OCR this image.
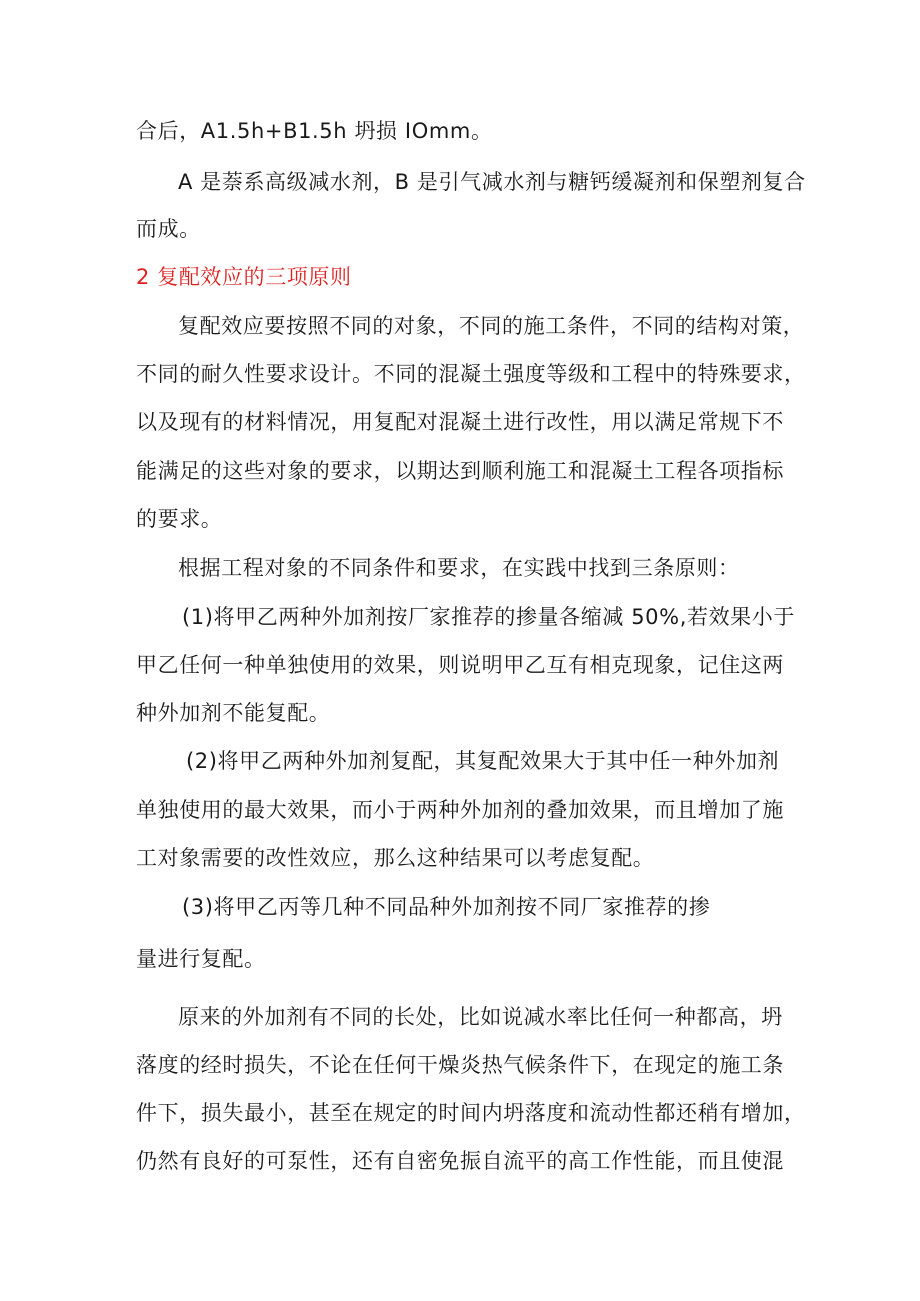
合后，A1.5h+B1.5h 坍损 IOmm。
A 是萘系高级减水剂，B 是引气减水剂与糖钙缓凝剂和保塑剂复合
而成。
2 复配效应的三项原则
复配效应要按照不同的对象，不同的施工条件，不同的结构对策，
不同的耐久性要求设计。不同的混凝土强度等级和工程中的特殊要求，
以及现有的材料情况，用复配对混凝土进行改性，用以满足常规下不
能满足的这些对象的要求，以期达到顺利施工和混凝土工程各项指标
的要求。
根据工程对象的不同条件和要求，在实践中找到三条原则：
(1)将甲乙两种外加剂按厂家推荐的掺量各缩减 50%,若效果小于
甲乙任何一种单独使用的效果，则说明甲乙互有相克现象，记住这两
种外加剂不能复配。
(2)将甲乙两种外加剂复配，其复配效果大于其中任一种外加剂
单独使用的最大效果，而小于两种外加剂的叠加效果，而且增加了施
工对象需要的改性效应，那么这种结果可以考虑复配。
(3)将甲乙丙等几种不同品种外加剂按不同厂家推荐的掺
量进行复配。
原来的外加剂有不同的长处，比如说减水率比任何一种都高，坍
落度的经时损失，不论在任何干燥炎热气候条件下，在现定的施工条
件下，损失最小，甚至在规定的时间内坍落度和流动性都还稍有增加，
仍然有良好的可泵性，还有自密免振自流平的高工作性能，而且使混
